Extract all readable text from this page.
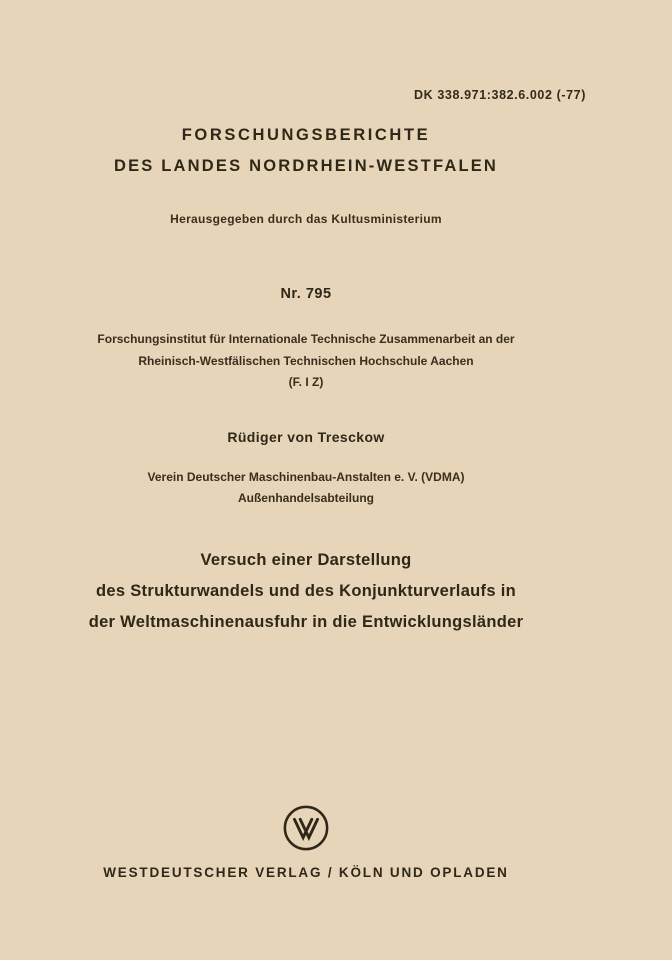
DK 338.971:382.6.002 (-77)
FORSCHUNGSBERICHTE
DES LANDES NORDRHEIN-WESTFALEN
Herausgegeben durch das Kultusministerium
Nr. 795
Forschungsinstitut für Internationale Technische Zusammenarbeit an der
Rheinisch-Westfälischen Technischen Hochschule Aachen
(F. I Z)
Rüdiger von Tresckow
Verein Deutscher Maschinenbau-Anstalten e. V. (VDMA)
Außenhandelsabteilung
Versuch einer Darstellung
des Strukturwandels und des Konjunkturverlaufs in
der Weltmaschinenausfuhr in die Entwicklungsländer
WESTDEUTSCHER VERLAG / KÖLN UND OPLADEN
